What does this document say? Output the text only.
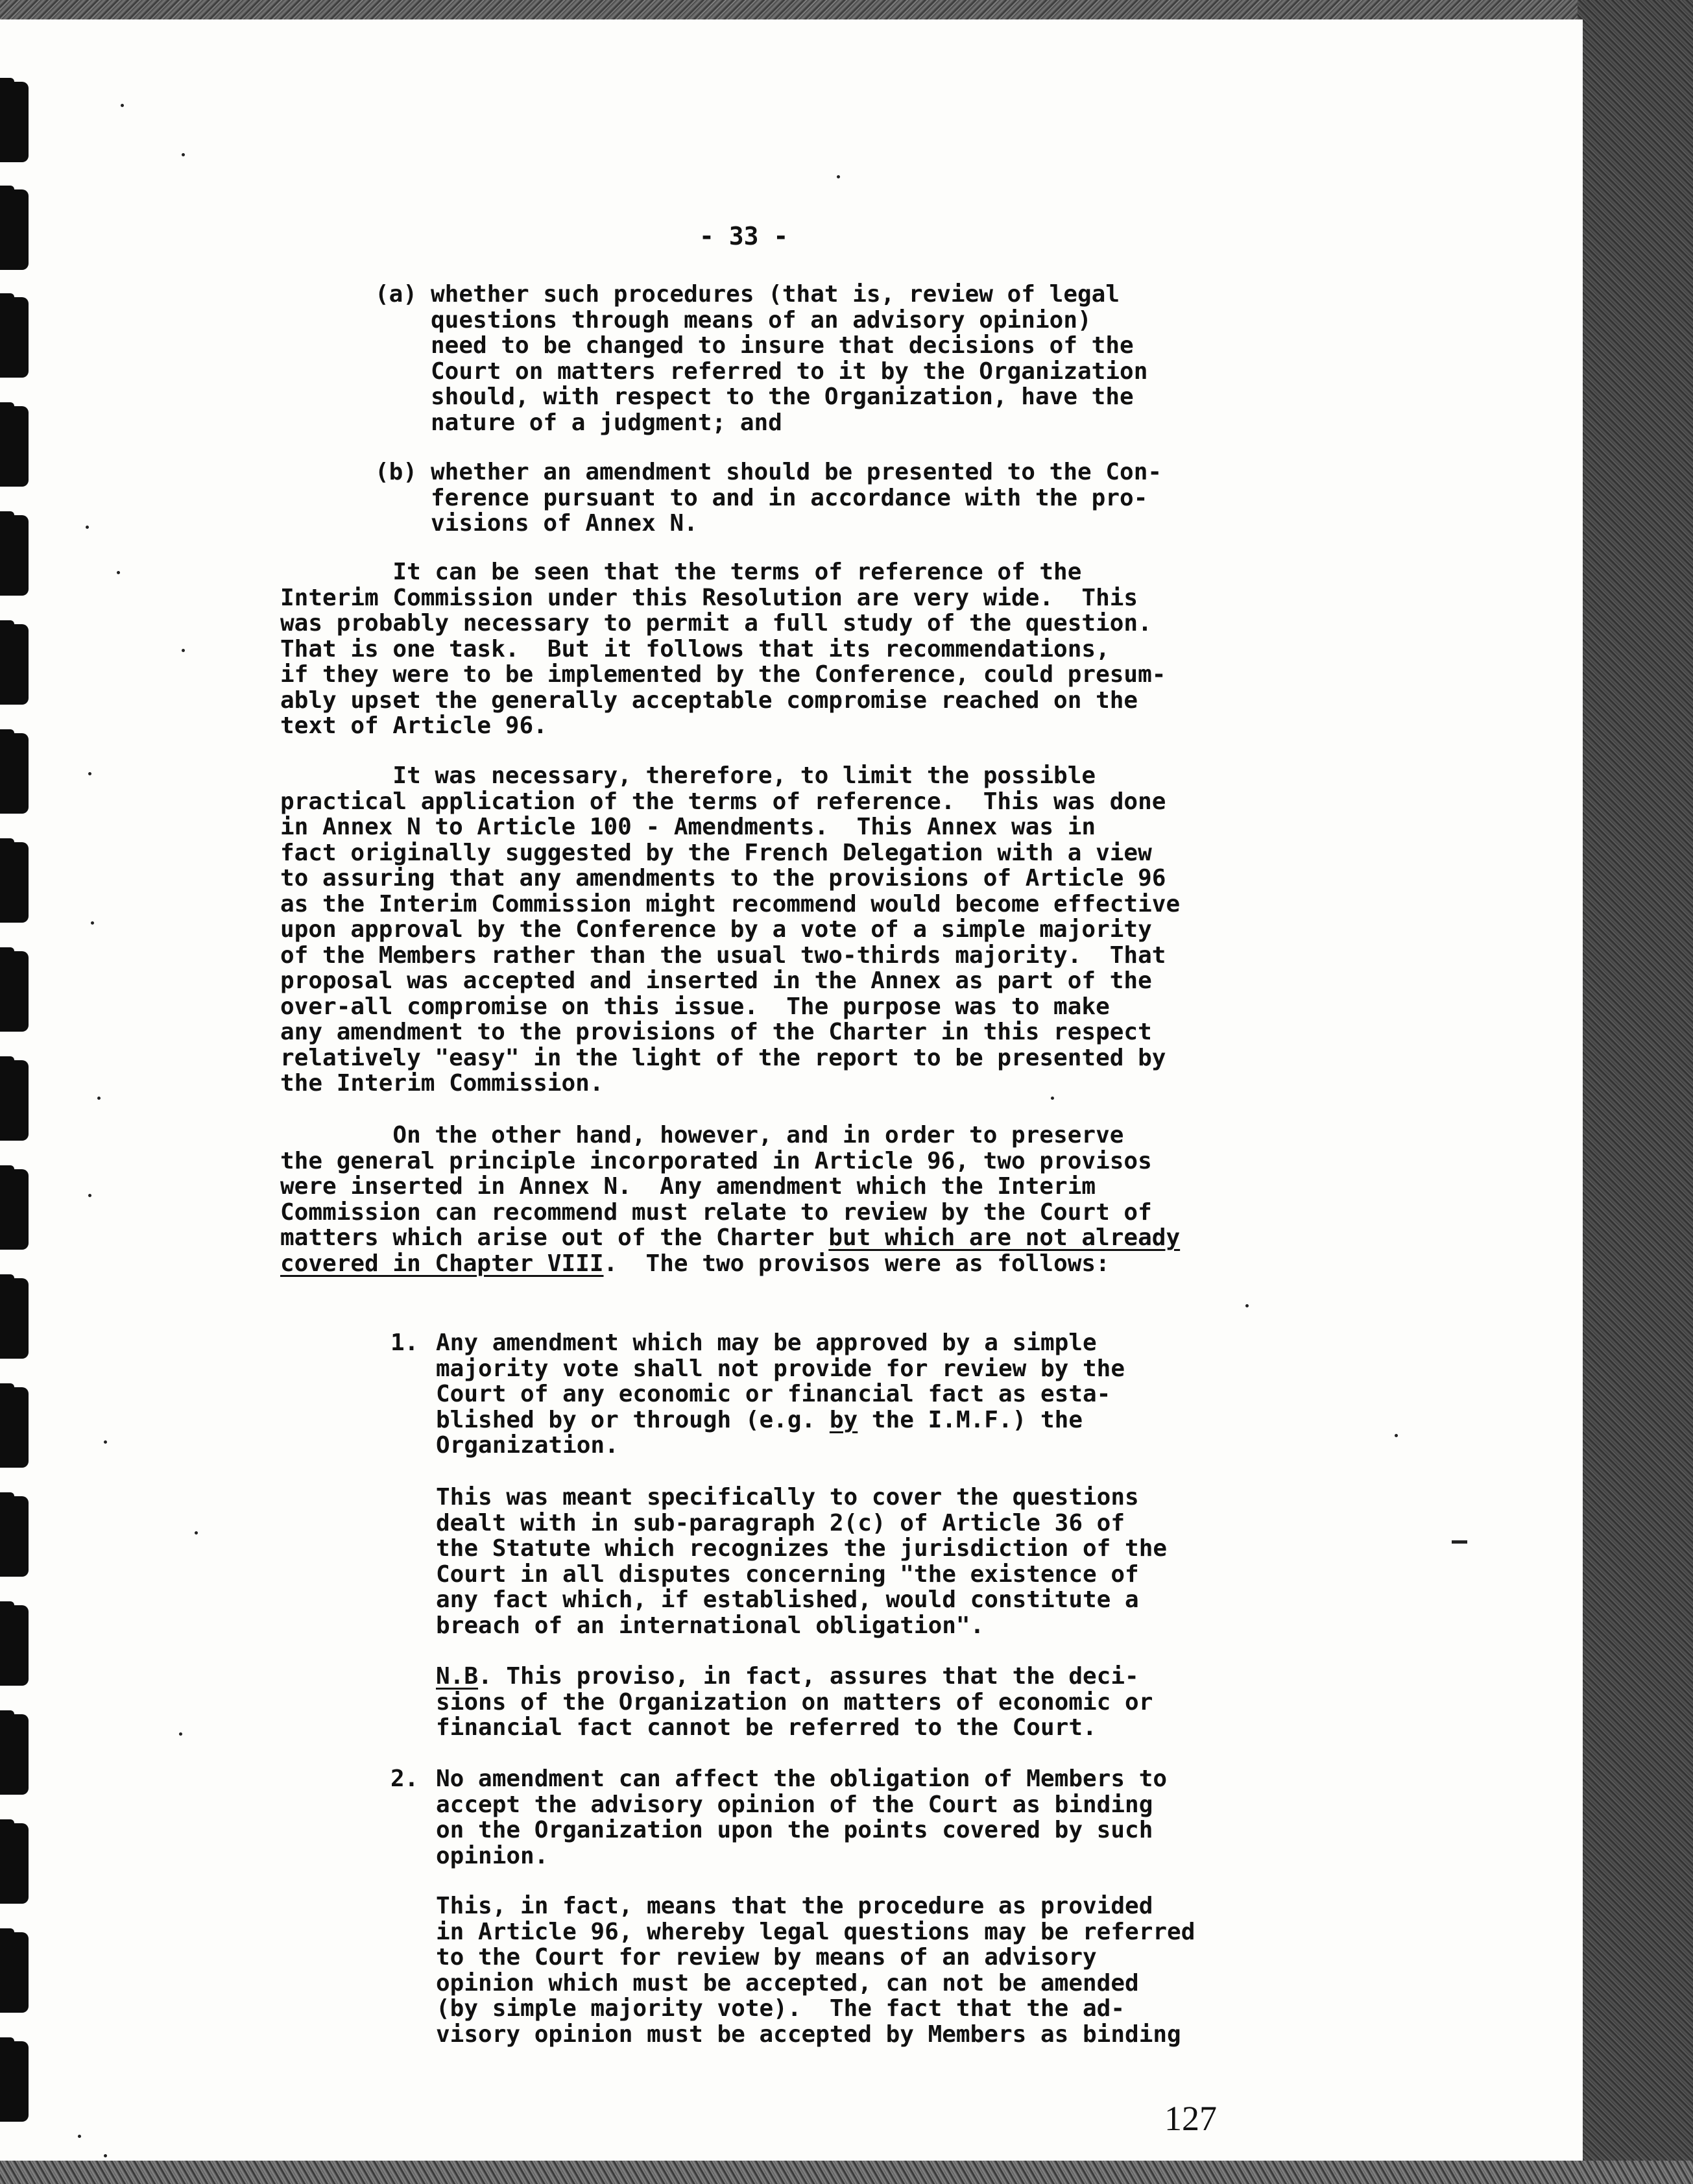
- 33 -
(a) whether such procedures (that is, review of legal
questions through means of an advisory opinion)
need to be changed to insure that decisions of the
Court on matters referred to it by the Organization
should, with respect to the Organization, have the
nature of a judgment; and
(b) whether an amendment should be presented to the Con-
ference pursuant to and in accordance with the pro-
visions of Annex N.
It can be seen that the terms of reference of the
Interim Commission under this Resolution are very wide.  This
was probably necessary to permit a full study of the question.
That is one task.  But it follows that its recommendations,
if they were to be implemented by the Conference, could presum-
ably upset the generally acceptable compromise reached on the
text of Article 96.
It was necessary, therefore, to limit the possible
practical application of the terms of reference.  This was done
in Annex N to Article 100 - Amendments.  This Annex was in
fact originally suggested by the French Delegation with a view
to assuring that any amendments to the provisions of Article 96
as the Interim Commission might recommend would become effective
upon approval by the Conference by a vote of a simple majority
of the Members rather than the usual two-thirds majority.  That
proposal was accepted and inserted in the Annex as part of the
over-all compromise on this issue.  The purpose was to make
any amendment to the provisions of the Charter in this respect
relatively "easy" in the light of the report to be presented by
the Interim Commission.
On the other hand, however, and in order to preserve
the general principle incorporated in Article 96, two provisos
were inserted in Annex N.  Any amendment which the Interim
Commission can recommend must relate to review by the Court of
matters which arise out of the Charter but which are not already
covered in Chapter VIII.  The two provisos were as follows:
1. Any amendment which may be approved by a simple
majority vote shall not provide for review by the
Court of any economic or financial fact as esta-
blished by or through (e.g. by the I.M.F.) the
Organization.
This was meant specifically to cover the questions
dealt with in sub-paragraph 2(c) of Article 36 of
the Statute which recognizes the jurisdiction of the
Court in all disputes concerning "the existence of
any fact which, if established, would constitute a
breach of an international obligation".
N.B. This proviso, in fact, assures that the deci-
sions of the Organization on matters of economic or
financial fact cannot be referred to the Court.
2. No amendment can affect the obligation of Members to
accept the advisory opinion of the Court as binding
on the Organization upon the points covered by such
opinion.
This, in fact, means that the procedure as provided
in Article 96, whereby legal questions may be referred
to the Court for review by means of an advisory
opinion which must be accepted, can not be amended
(by simple majority vote).  The fact that the ad-
visory opinion must be accepted by Members as binding
127
